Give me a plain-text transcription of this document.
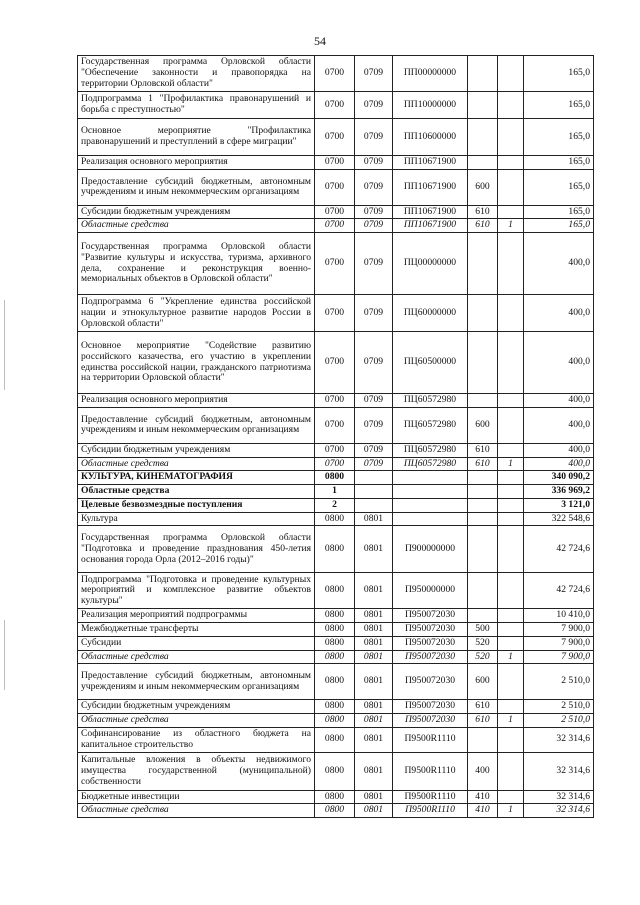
54
Государственная программа Орловской области "Обеспечение законности и правопорядка на территории Орловской области"	0700	0709	ПП00000000			165,0
Подпрограмма 1 "Профилактика правонарушений и борьба с преступностью"	0700	0709	ПП10000000			165,0
Основное мероприятие "Профилактика правонарушений и преступлений в сфере миграции"	0700	0709	ПП10600000			165,0
Реализация основного мероприятия	0700	0709	ПП10671900			165,0
Предоставление субсидий бюджетным, автономным учреждениям и иным некоммерческим организациям	0700	0709	ПП10671900	600		165,0
Субсидии бюджетным учреждениям	0700	0709	ПП10671900	610		165,0
Областные средства	0700	0709	ПП10671900	610	1	165,0
Государственная программа Орловской области "Развитие культуры и искусства, туризма, архивного дела, сохранение и реконструкция военно-мемориальных объектов в Орловской области"	0700	0709	ПЦ00000000			400,0
Подпрограмма 6 "Укрепление единства российской нации и этнокультурное развитие народов России в Орловской области"	0700	0709	ПЦ60000000			400,0
Основное мероприятие "Содействие развитию российского казачества, его участию в укреплении единства российской нации, гражданского патриотизма на территории Орловской области"	0700	0709	ПЦ60500000			400,0
Реализация основного мероприятия	0700	0709	ПЦ60572980			400,0
Предоставление субсидий бюджетным, автономным учреждениям и иным некоммерческим организациям	0700	0709	ПЦ60572980	600		400,0
Субсидии бюджетным учреждениям	0700	0709	ПЦ60572980	610		400,0
Областные средства	0700	0709	ПЦ60572980	610	1	400,0
КУЛЬТУРА, КИНЕМАТОГРАФИЯ	0800					340 090,2
Областные средства	1					336 969,2
Целевые безвозмездные поступления	2					3 121,0
Культура	0800	0801				322 548,6
Государственная программа Орловской области "Подготовка и проведение празднования 450-летия основания города Орла (2012–2016 годы)"	0800	0801	П900000000			42 724,6
Подпрограмма "Подготовка и проведение культурных мероприятий и комплексное развитие объектов культуры"	0800	0801	П950000000			42 724,6
Реализация мероприятий подпрограммы	0800	0801	П950072030			10 410,0
Межбюджетные трансферты	0800	0801	П950072030	500		7 900,0
Субсидии	0800	0801	П950072030	520		7 900,0
Областные средства	0800	0801	П950072030	520	1	7 900,0
Предоставление субсидий бюджетным, автономным учреждениям и иным некоммерческим организациям	0800	0801	П950072030	600		2 510,0
Субсидии бюджетным учреждениям	0800	0801	П950072030	610		2 510,0
Областные средства	0800	0801	П950072030	610	1	2 510,0
Софинансирование из областного бюджета на капитальное строительство	0800	0801	П9500R1110			32 314,6
Капитальные вложения в объекты недвижимого имущества государственной (муниципальной) собственности	0800	0801	П9500R1110	400		32 314,6
Бюджетные инвестиции	0800	0801	П9500R1110	410		32 314,6
Областные средства	0800	0801	П9500R1110	410	1	32 314,6
